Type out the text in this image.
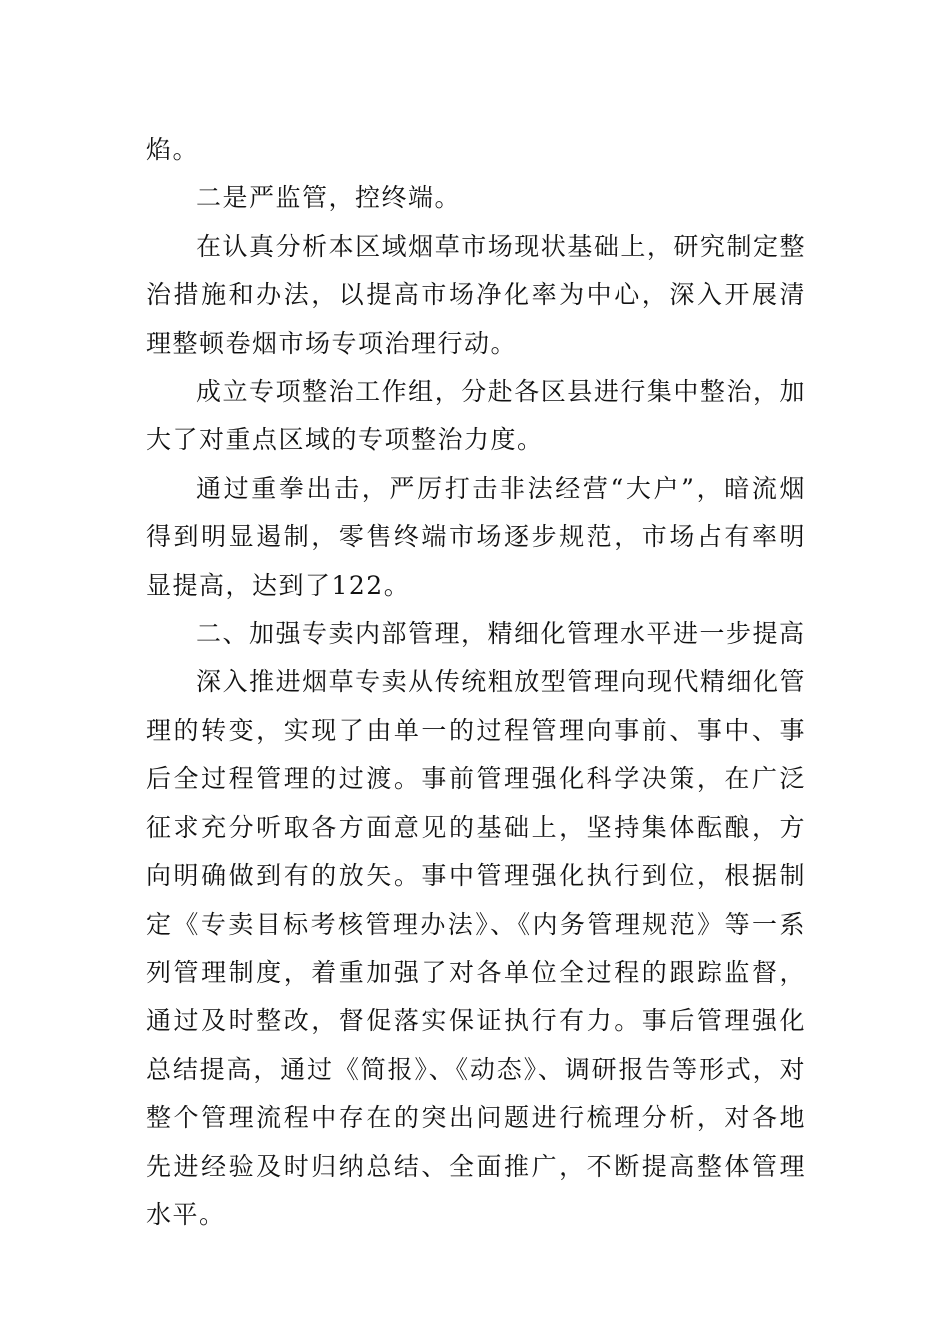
焰。

二是严监管，控终端。

在认真分析本区域烟草市场现状基础上，研究制定整治措施和办法，以提高市场净化率为中心，深入开展清理整顿卷烟市场专项治理行动。

成立专项整治工作组，分赴各区县进行集中整治，加大了对重点区域的专项整治力度。

通过重拳出击，严厉打击非法经营“大户”，暗流烟得到明显遏制，零售终端市场逐步规范，市场占有率明显提高，达到了122。

二、加强专卖内部管理，精细化管理水平进一步提高

深入推进烟草专卖从传统粗放型管理向现代精细化管理的转变，实现了由单一的过程管理向事前、事中、事后全过程管理的过渡。事前管理强化科学决策，在广泛征求充分听取各方面意见的基础上，坚持集体酝酿，方向明确做到有的放矢。事中管理强化执行到位，根据制定《专卖目标考核管理办法》、《内务管理规范》等一系列管理制度，着重加强了对各单位全过程的跟踪监督，通过及时整改，督促落实保证执行有力。事后管理强化总结提高，通过《简报》、《动态》、调研报告等形式，对整个管理流程中存在的突出问题进行梳理分析，对各地先进经验及时归纳总结、全面推广，不断提高整体管理水平。
